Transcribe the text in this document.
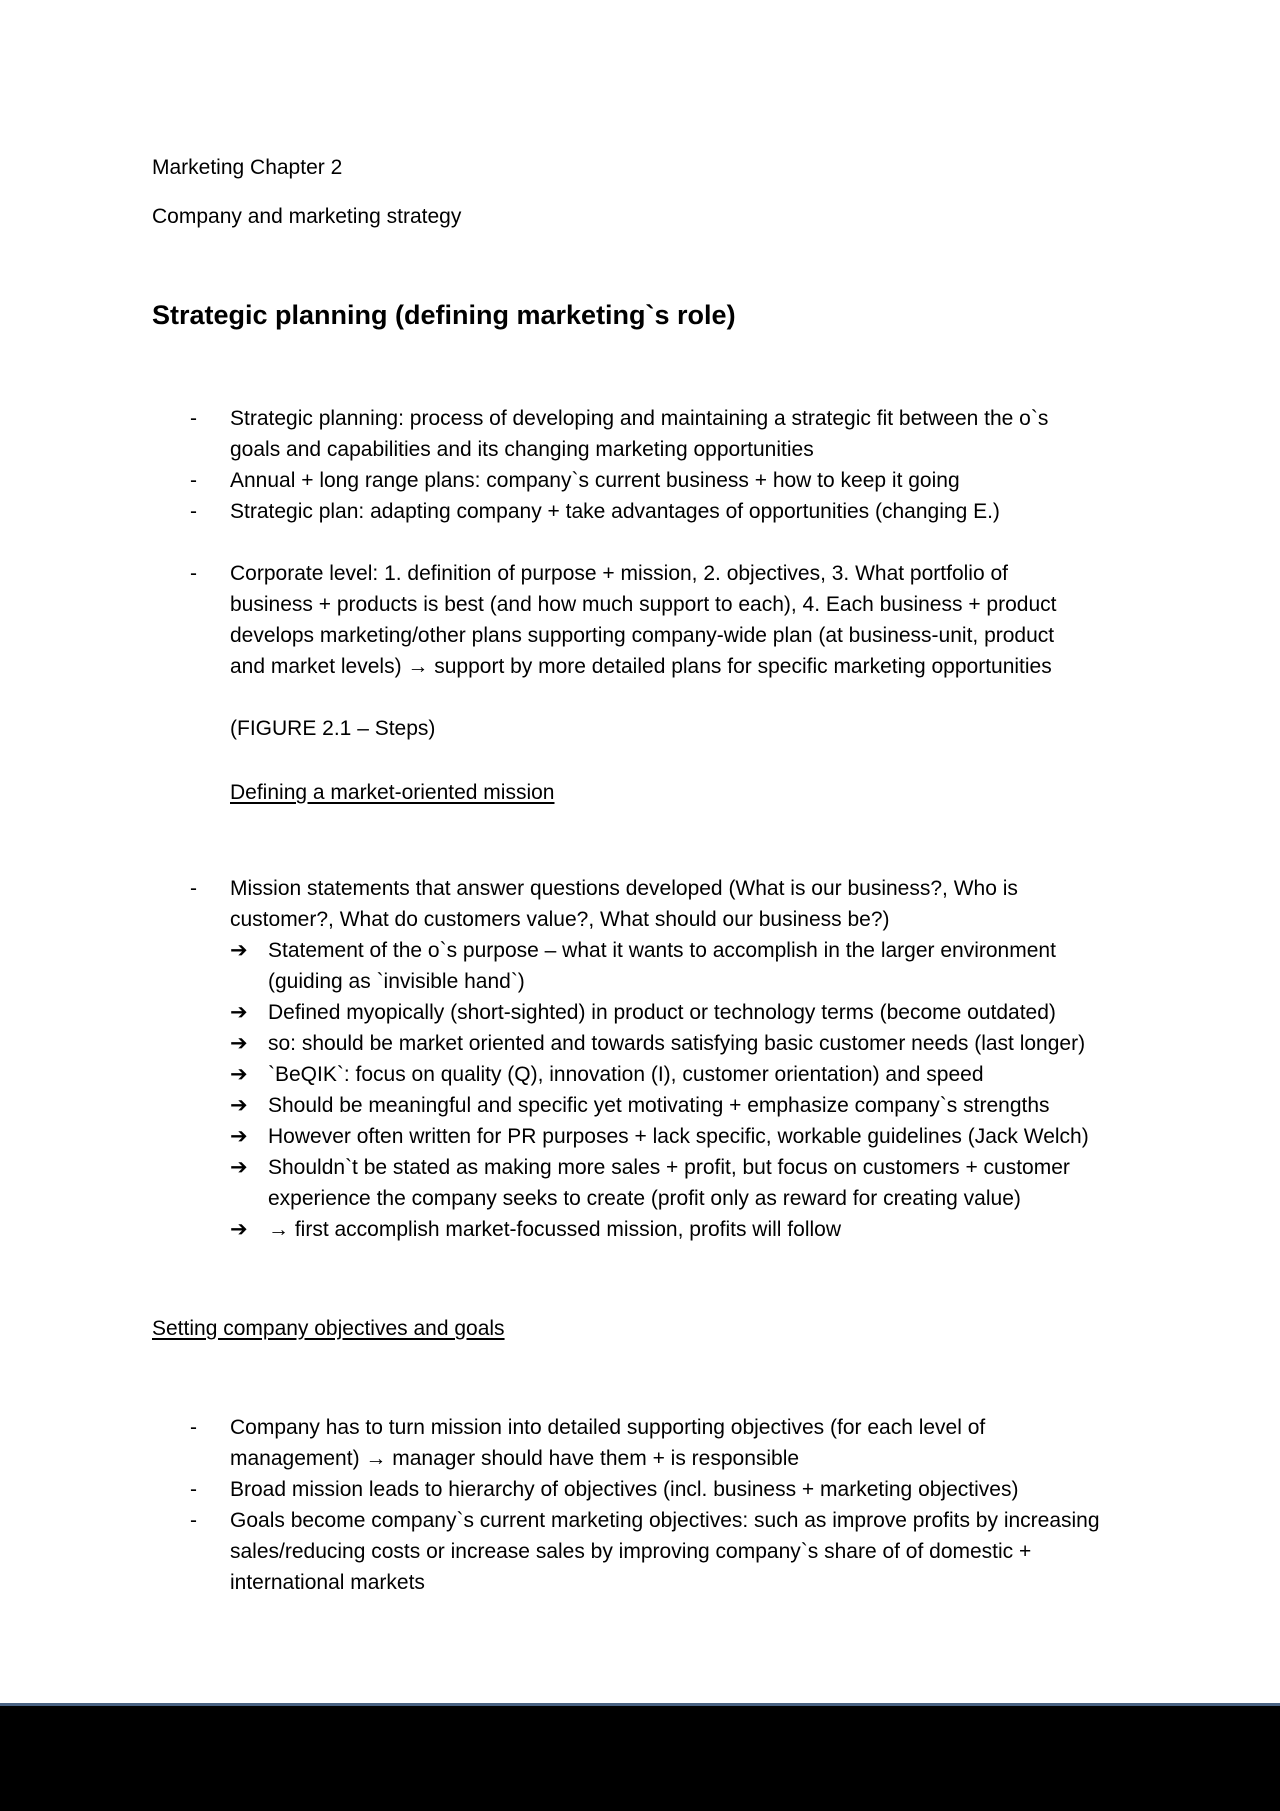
Marketing Chapter 2
Company and marketing strategy
Strategic planning (defining marketing`s role)
- Strategic planning: process of developing and maintaining a strategic fit between the o`s
goals and capabilities and its changing marketing opportunities
- Annual + long range plans: company`s current business + how to keep it going
- Strategic plan: adapting company + take advantages of opportunities (changing E.)
- Corporate level: 1. definition of purpose + mission, 2. objectives, 3. What portfolio of
business + products is best (and how much support to each), 4. Each business + product
develops marketing/other plans supporting company-wide plan (at business-unit, product
and market levels) → support by more detailed plans for specific marketing opportunities
(FIGURE 2.1 – Steps)
Defining a market-oriented mission
- Mission statements that answer questions developed (What is our business?, Who is
customer?, What do customers value?, What should our business be?)
➔ Statement of the o`s purpose – what it wants to accomplish in the larger environment
(guiding as `invisible hand`)
➔ Defined myopically (short-sighted) in product or technology terms (become outdated)
➔ so: should be market oriented and towards satisfying basic customer needs (last longer)
➔ `BeQIK`: focus on quality (Q), innovation (I), customer orientation) and speed
➔ Should be meaningful and specific yet motivating + emphasize company`s strengths
➔ However often written for PR purposes + lack specific, workable guidelines (Jack Welch)
➔ Shouldn`t be stated as making more sales + profit, but focus on customers + customer
experience the company seeks to create (profit only as reward for creating value)
➔ → first accomplish market-focussed mission, profits will follow
Setting company objectives and goals
- Company has to turn mission into detailed supporting objectives (for each level of
management) → manager should have them + is responsible
- Broad mission leads to hierarchy of objectives (incl. business + marketing objectives)
- Goals become company`s current marketing objectives: such as improve profits by increasing
sales/reducing costs or increase sales by improving company`s share of of domestic +
international markets
